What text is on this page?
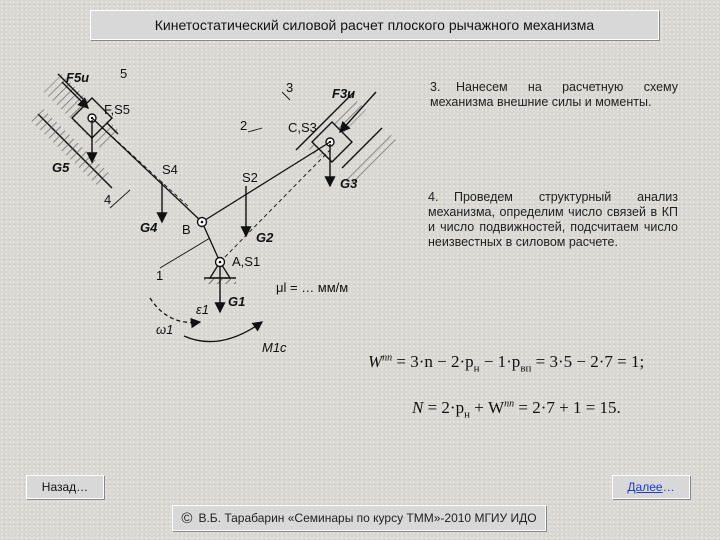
Кинетостатический силовой расчет плоского рычажного механизма
F5и 5
F,S5
3	F3и
2	C,S3
G5	S4
S2	G3
4
G4 B
G2
A,S1
1
μl = … мм/м
ε1
G1
ω1
M1c
3. Нанесем на расчетную схему механизма внешние силы и моменты.
4. Проведем структурный анализ механизма, определим число связей в КП и число подвижностей, подсчитаем число неизвестных в силовом расчете.
$W^{пп} = 3\cdot n - 2\cdot p_н - 1\cdot p_{вп} = 3\cdot 5 - 2\cdot 7 = 1$;
$N = 2\cdot p_н + W^{пп} = 2\cdot 7 + 1 = 15$.
Назад…	Далее …
© В.Б. Тарабарин «Семинары по курсу ТММ»-2010 МГИУ ИДО
